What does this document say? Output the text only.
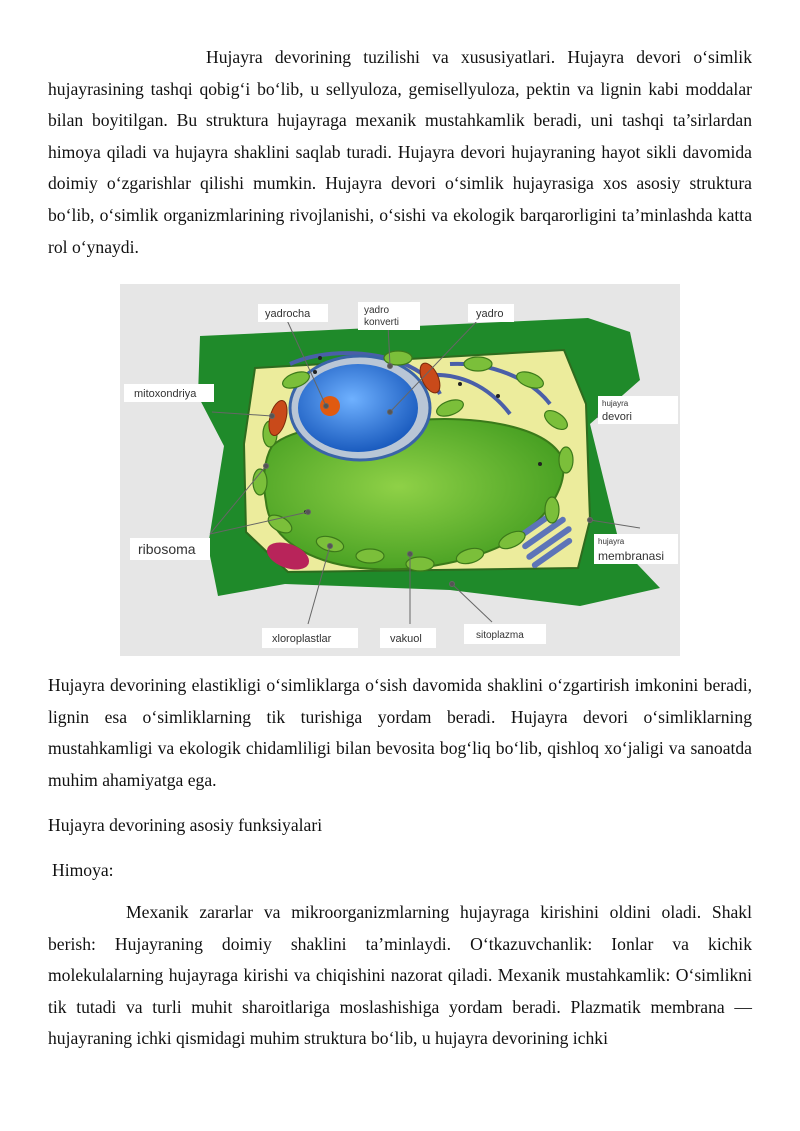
Hujayra devorining tuzilishi va xususiyatlari. Hujayra devori o‘simlik hujayrasining tashqi qobig‘i bo‘lib, u sellyuloza, gemisellyuloza, pektin va lignin kabi moddalar bilan boyitilgan. Bu struktura hujayraga mexanik mustahkamlik beradi, uni tashqi ta’sirlardan himoya qiladi va hujayra shaklini saqlab turadi. Hujayra devori hujayraning hayot sikli davomida doimiy o‘zgarishlar qilishi mumkin. Hujayra devori o‘simlik hujayrasiga xos asosiy struktura bo‘lib, o‘simlik organizmlarining rivojlanishi, o‘sishi va ekologik barqarorligini ta’minlashda katta rol o‘ynaydi.

yadrocha	yadro
konverti
yadro
mitoxondriya
hujayra
devori
ribosoma	hujayra
membranasi
xloroplastlar	vakuol	sitoplazma

Hujayra devorining elastikligi o‘simliklarga o‘sish davomida shaklini o‘zgartirish imkonini beradi, lignin esa o‘simliklarning tik turishiga yordam beradi. Hujayra devori o‘simliklarning mustahkamligi va ekologik chidamliligi bilan bevosita bog‘liq bo‘lib, qishloq xo‘jaligi va sanoatda muhim ahamiyatga ega.

Hujayra devorining asosiy funksiyalari

Himoya:

Mexanik zararlar va mikroorganizmlarning hujayraga kirishini oldini oladi. Shakl berish: Hujayraning doimiy shaklini ta’minlaydi. O‘tkazuvchanlik: Ionlar va kichik molekulalarning hujayraga kirishi va chiqishini nazorat qiladi. Mexanik mustahkamlik: O‘simlikni tik tutadi va turli muhit sharoitlariga moslashishiga yordam beradi. Plazmatik membrana — hujayraning ichki qismidagi muhim struktura bo‘lib, u hujayra devorining ichki
